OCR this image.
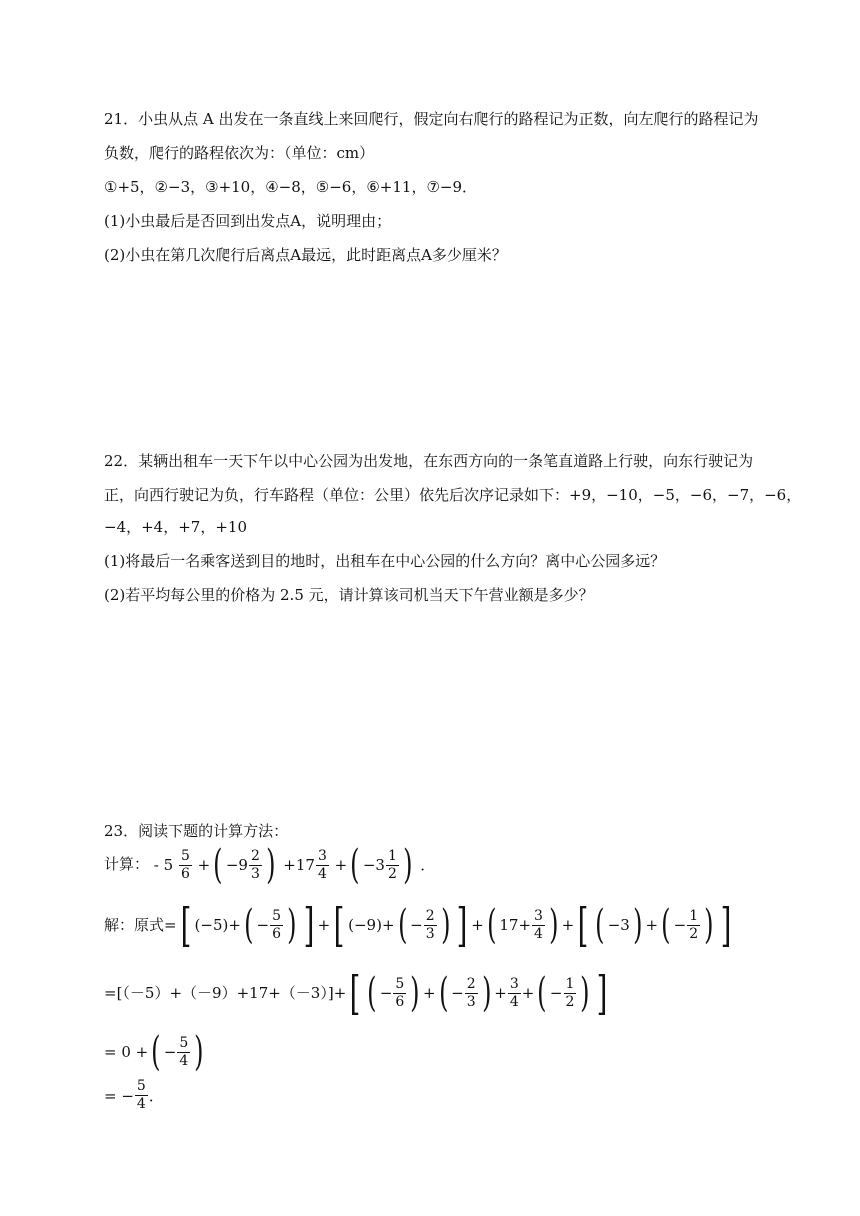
21．小虫从点 A 出发在一条直线上来回爬行，假定向右爬行的路程记为正数，向左爬行的路程记为
负数，爬行的路程依次为：（单位：cm）
①+5，②−3，③+10，④−8，⑤−6，⑥+11，⑦−9．
(1)小虫最后是否回到出发点A，说明理由；
(2)小虫在第几次爬行后离点A最远，此时距离点A多少厘米？
22．某辆出租车一天下午以中心公园为出发地，在东西方向的一条笔直道路上行驶，向东行驶记为
正，向西行驶记为负，行车路程（单位：公里）依先后次序记录如下：+9，−10，−5，−6，−7，−6，
−4，+4，+7，+10
(1)将最后一名乘客送到目的地时，出租车在中心公园的什么方向？离中心公园多远？
(2)若平均每公里的价格为 2.5 元，请计算该司机当天下午营业额是多少？
23．阅读下题的计算方法：
计算： - $5 \frac{5}{6}$ +( $-9 \frac{2}{3}$ ) $+17 \frac{3}{4}$ +( $-3 \frac{1}{2}$ ) ．
解：原式=[ $(-5)+( - \frac{5}{6}$ ) ] +[ $(-9)+( - \frac{2}{3}$ ) ] +( $17+ \frac{3}{4}$ ) +[ ( −3) +( − $\frac{1}{2}$ ) ]
=[（－5）+（－9）+17+（－3）]+[ ( − $\frac{5}{6}$ ) +( − $\frac{2}{3}$ ) + $\frac{3}{4}$ +( − $\frac{1}{2}$ ) ]
= 0 +( − $\frac{5}{4}$ )
= − $\frac{5}{4}$ ．
